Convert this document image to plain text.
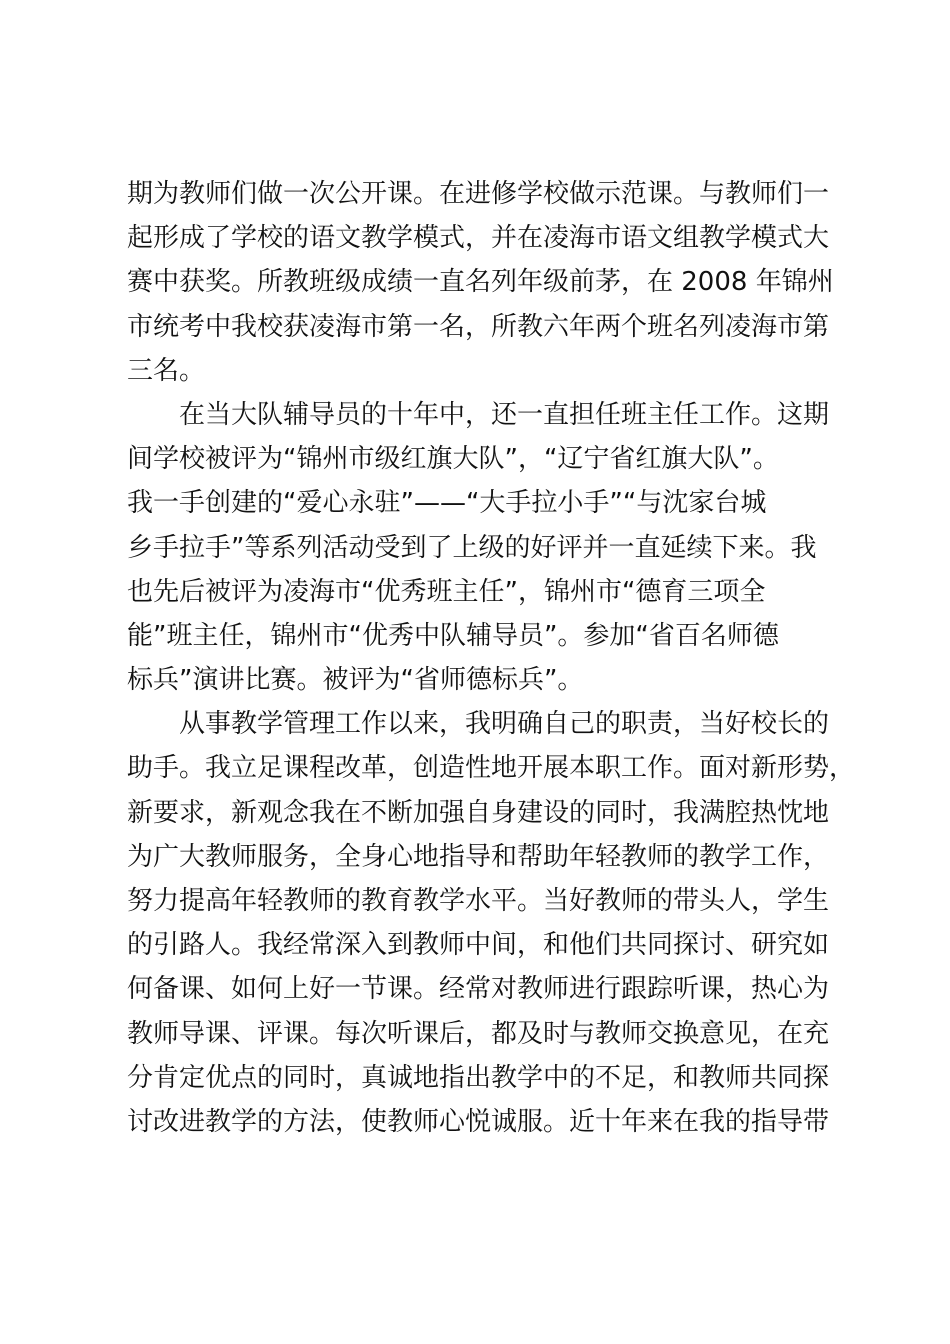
期为教师们做一次公开课。在进修学校做示范课。与教师们一
起形成了学校的语文教学模式，并在凌海市语文组教学模式大
赛中获奖。所教班级成绩一直名列年级前茅，在 2008 年锦州
市统考中我校获凌海市第一名，所教六年两个班名列凌海市第
三名。
在当大队辅导员的十年中，还一直担任班主任工作。这期
间学校被评为“锦州市级红旗大队”，“辽宁省红旗大队”。
我一手创建的“爱心永驻”——“大手拉小手”“与沈家台城
乡手拉手”等系列活动受到了上级的好评并一直延续下来。我
也先后被评为凌海市“优秀班主任”，锦州市“德育三项全
能”班主任，锦州市“优秀中队辅导员”。参加“省百名师德
标兵”演讲比赛。被评为“省师德标兵”。
从事教学管理工作以来，我明确自己的职责，当好校长的
助手。我立足课程改革，创造性地开展本职工作。面对新形势，
新要求，新观念我在不断加强自身建设的同时，我满腔热忱地
为广大教师服务，全身心地指导和帮助年轻教师的教学工作，
努力提高年轻教师的教育教学水平。当好教师的带头人，学生
的引路人。我经常深入到教师中间，和他们共同探讨、研究如
何备课、如何上好一节课。经常对教师进行跟踪听课，热心为
教师导课、评课。每次听课后，都及时与教师交换意见，在充
分肯定优点的同时，真诚地指出教学中的不足，和教师共同探
讨改进教学的方法，使教师心悦诚服。近十年来在我的指导带
